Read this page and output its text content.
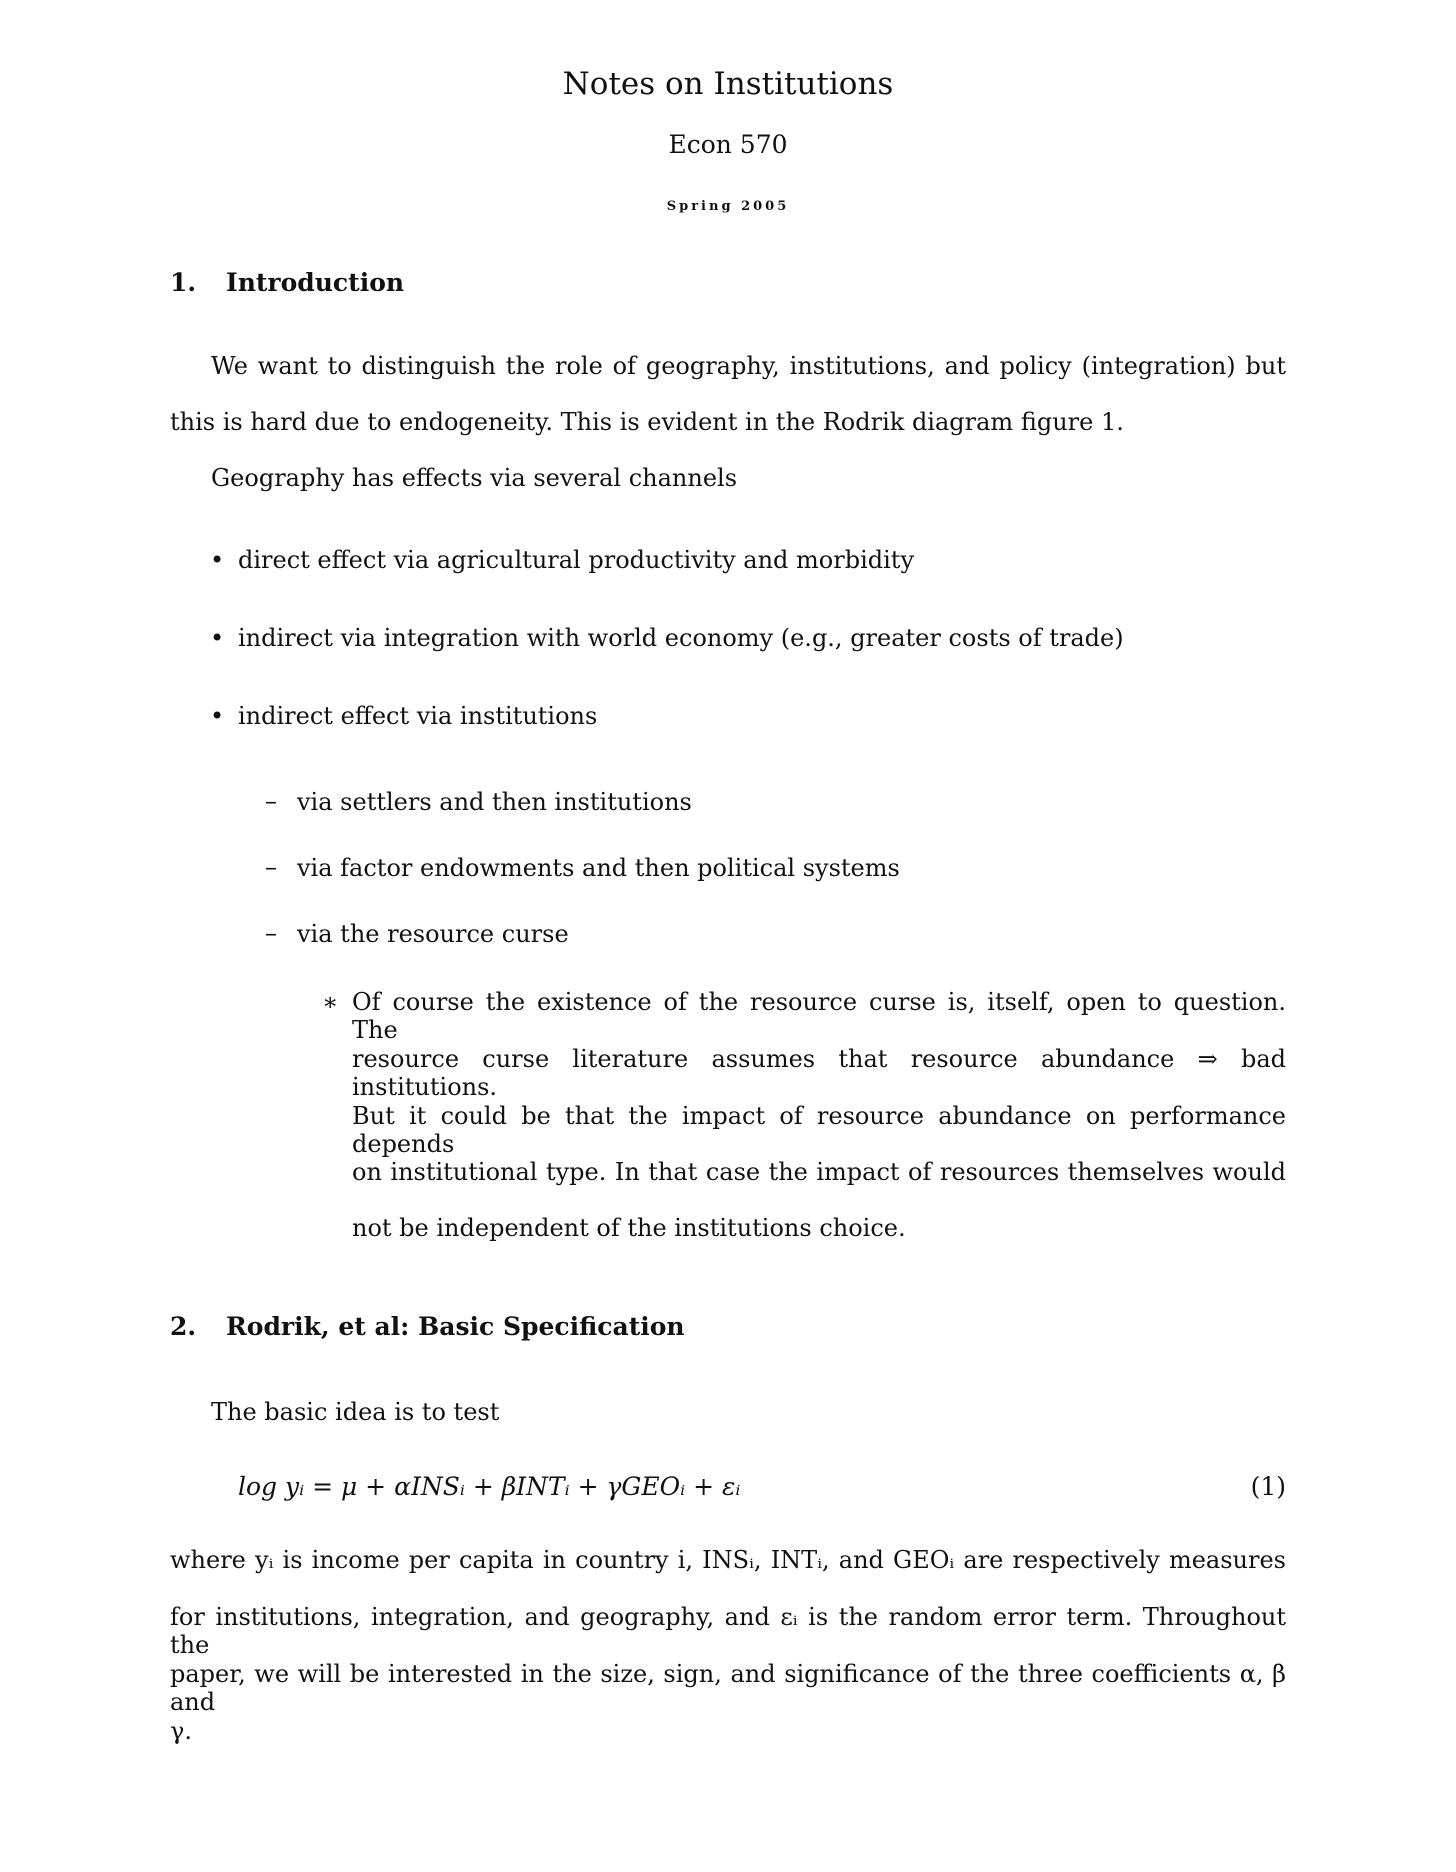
Notes on Institutions
Econ 570
Spring 2005
1. Introduction
We want to distinguish the role of geography, institutions, and policy (integration) but
this is hard due to endogeneity. This is evident in the Rodrik diagram figure 1.
Geography has effects via several channels
• direct effect via agricultural productivity and morbidity
• indirect via integration with world economy (e.g., greater costs of trade)
• indirect effect via institutions
– via settlers and then institutions
– via factor endowments and then political systems
– via the resource curse
∗ Of course the existence of the resource curse is, itself, open to question. The
resource curse literature assumes that resource abundance ⇒ bad institutions.
But it could be that the impact of resource abundance on performance depends
on institutional type. In that case the impact of resources themselves would
not be independent of the institutions choice.
2. Rodrik, et al: Basic Specification
The basic idea is to test
log yᵢ = μ + αINSᵢ + βINTᵢ + γGEOᵢ + εᵢ	(1)
where yᵢ is income per capita in country i, INSᵢ, INTᵢ, and GEOᵢ are respectively measures
for institutions, integration, and geography, and εᵢ is the random error term. Throughout the
paper, we will be interested in the size, sign, and significance of the three coefficients α, β and
γ.
